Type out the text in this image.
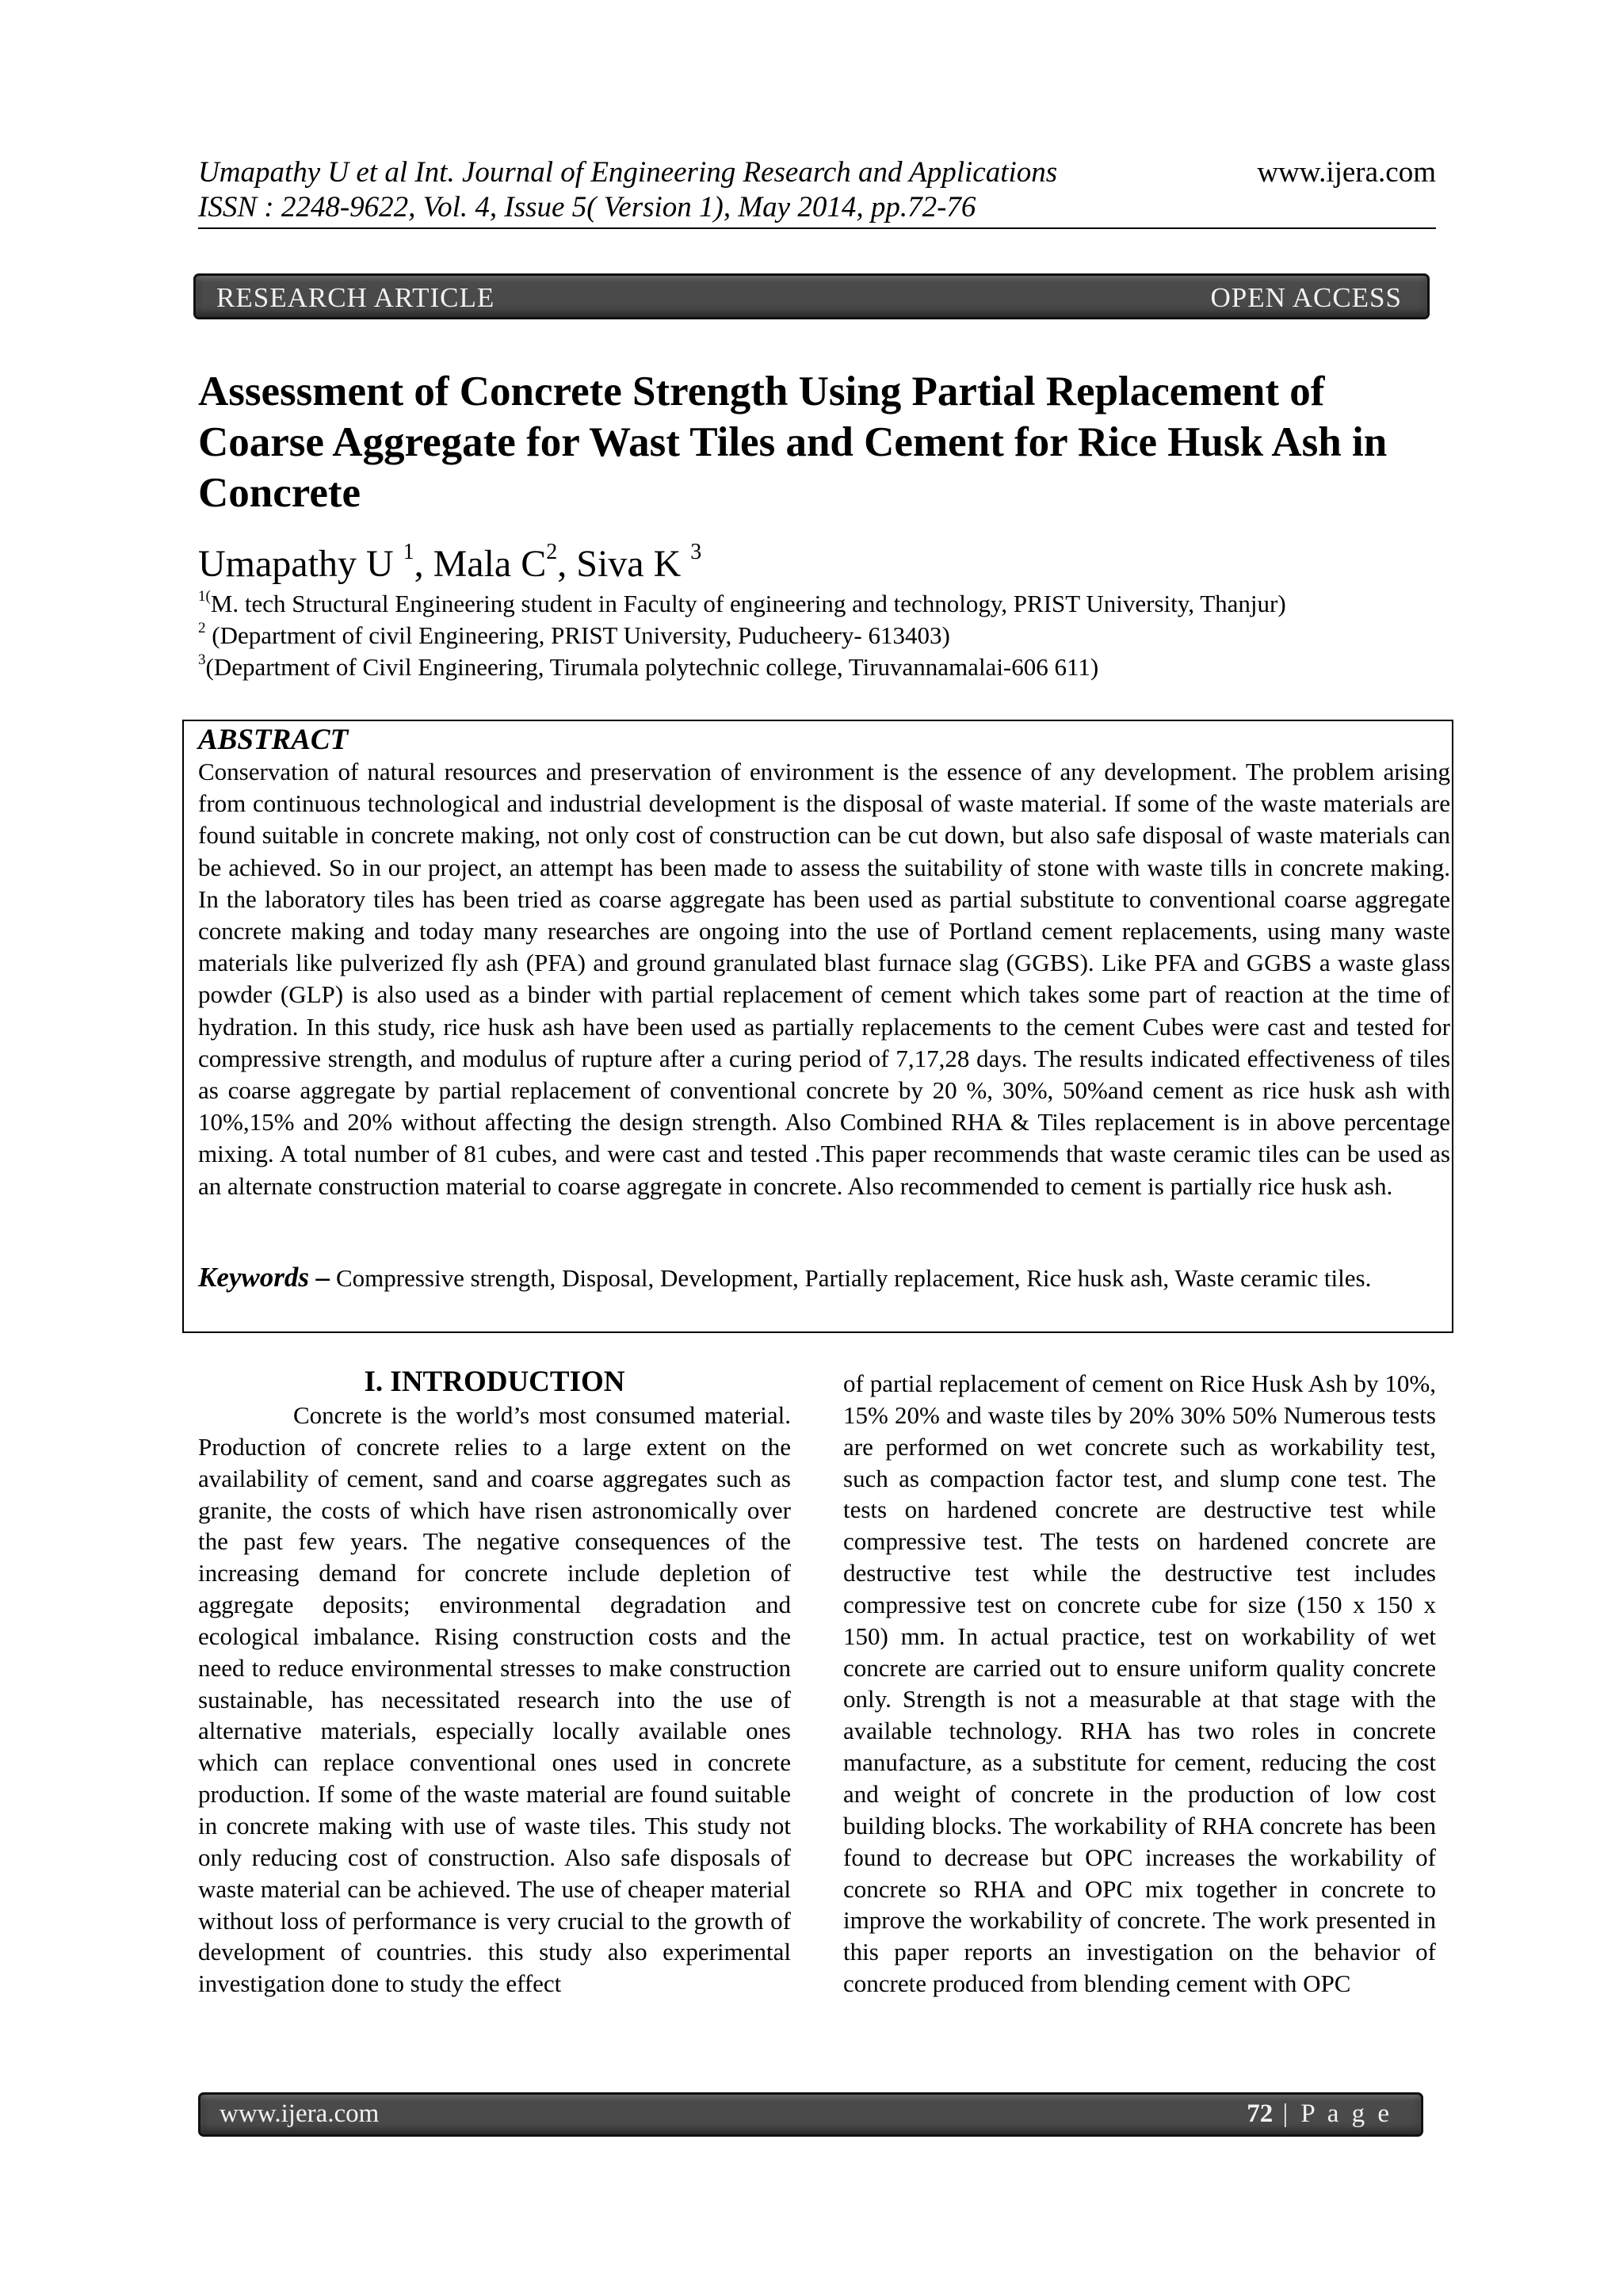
Umapathy U et al Int. Journal of Engineering Research and Applications
ISSN : 2248-9622, Vol. 4, Issue 5( Version 1), May 2014, pp.72-76
www.ijera.com
RESEARCH ARTICLE	OPEN ACCESS
Assessment of Concrete Strength Using Partial Replacement of Coarse Aggregate for Wast Tiles and Cement for Rice Husk Ash in Concrete
Umapathy U $^1$, Mala $C^2$, Siva K $^3$
$^{1(}$M. tech Structural Engineering student in Faculty of engineering and technology, PRIST University, Thanjur)
$^2$ (Department of civil Engineering, PRIST University, Puducheery- 613403)
$^3$(Department of Civil Engineering, Tirumala polytechnic college, Tiruvannamalai-606 611)
ABSTRACT
Conservation of natural resources and preservation of environment is the essence of any development. The problem arising from continuous technological and industrial development is the disposal of waste material. If some of the waste materials are found suitable in concrete making, not only cost of construction can be cut down, but also safe disposal of waste materials can be achieved. So in our project, an attempt has been made to assess the suitability of stone with waste tills in concrete making. In the laboratory tiles has been tried as coarse aggregate has been used as partial substitute to conventional coarse aggregate concrete making and today many researches are ongoing into the use of Portland cement replacements, using many waste materials like pulverized fly ash (PFA) and ground granulated blast furnace slag (GGBS). Like PFA and GGBS a waste glass powder (GLP) is also used as a binder with partial replacement of cement which takes some part of reaction at the time of hydration. In this study, rice husk ash have been used as partially replacements to the cement Cubes were cast and tested for compressive strength, and modulus of rupture after a curing period of 7,17,28 days. The results indicated effectiveness of tiles as coarse aggregate by partial replacement of conventional concrete by 20 %, 30%, 50%and cement as rice husk ash with 10%,15% and 20% without affecting the design strength. Also Combined RHA & Tiles replacement is in above percentage mixing. A total number of 81 cubes, and were cast and tested .This paper recommends that waste ceramic tiles can be used as an alternate construction material to coarse aggregate in concrete. Also recommended to cement is partially rice husk ash.
Keywords – Compressive strength, Disposal, Development, Partially replacement, Rice husk ash, Waste ceramic tiles.
I. INTRODUCTION
Concrete is the world’s most consumed material. Production of concrete relies to a large extent on the availability of cement, sand and coarse aggregates such as granite, the costs of which have risen astronomically over the past few years. The negative consequences of the increasing demand for concrete include depletion of aggregate deposits; environmental degradation and ecological imbalance. Rising construction costs and the need to reduce environmental stresses to make construction sustainable, has necessitated research into the use of alternative materials, especially locally available ones which can replace conventional ones used in concrete production. If some of the waste material are found suitable in concrete making with use of waste tiles. This study not only reducing cost of construction. Also safe disposals of waste material can be achieved. The use of cheaper material without loss of performance is very crucial to the growth of development of countries. this study also experimental investigation done to study the effect
of partial replacement of cement on Rice Husk Ash by 10%, 15% 20% and waste tiles by 20% 30% 50% Numerous tests are performed on wet concrete such as workability test, such as compaction factor test, and slump cone test. The tests on hardened concrete are destructive test while compressive test. The tests on hardened concrete are destructive test while the destructive test includes compressive test on concrete cube for size (150 x 150 x 150) mm. In actual practice, test on workability of wet concrete are carried out to ensure uniform quality concrete only. Strength is not a measurable at that stage with the available technology. RHA has two roles in concrete manufacture, as a substitute for cement, reducing the cost and weight of concrete in the production of low cost building blocks. The workability of RHA concrete has been found to decrease but OPC increases the workability of concrete so RHA and OPC mix together in concrete to improve the workability of concrete. The work presented in this paper reports an investigation on the behavior of concrete produced from blending cement with OPC
www.ijera.com	72 | P a g e
